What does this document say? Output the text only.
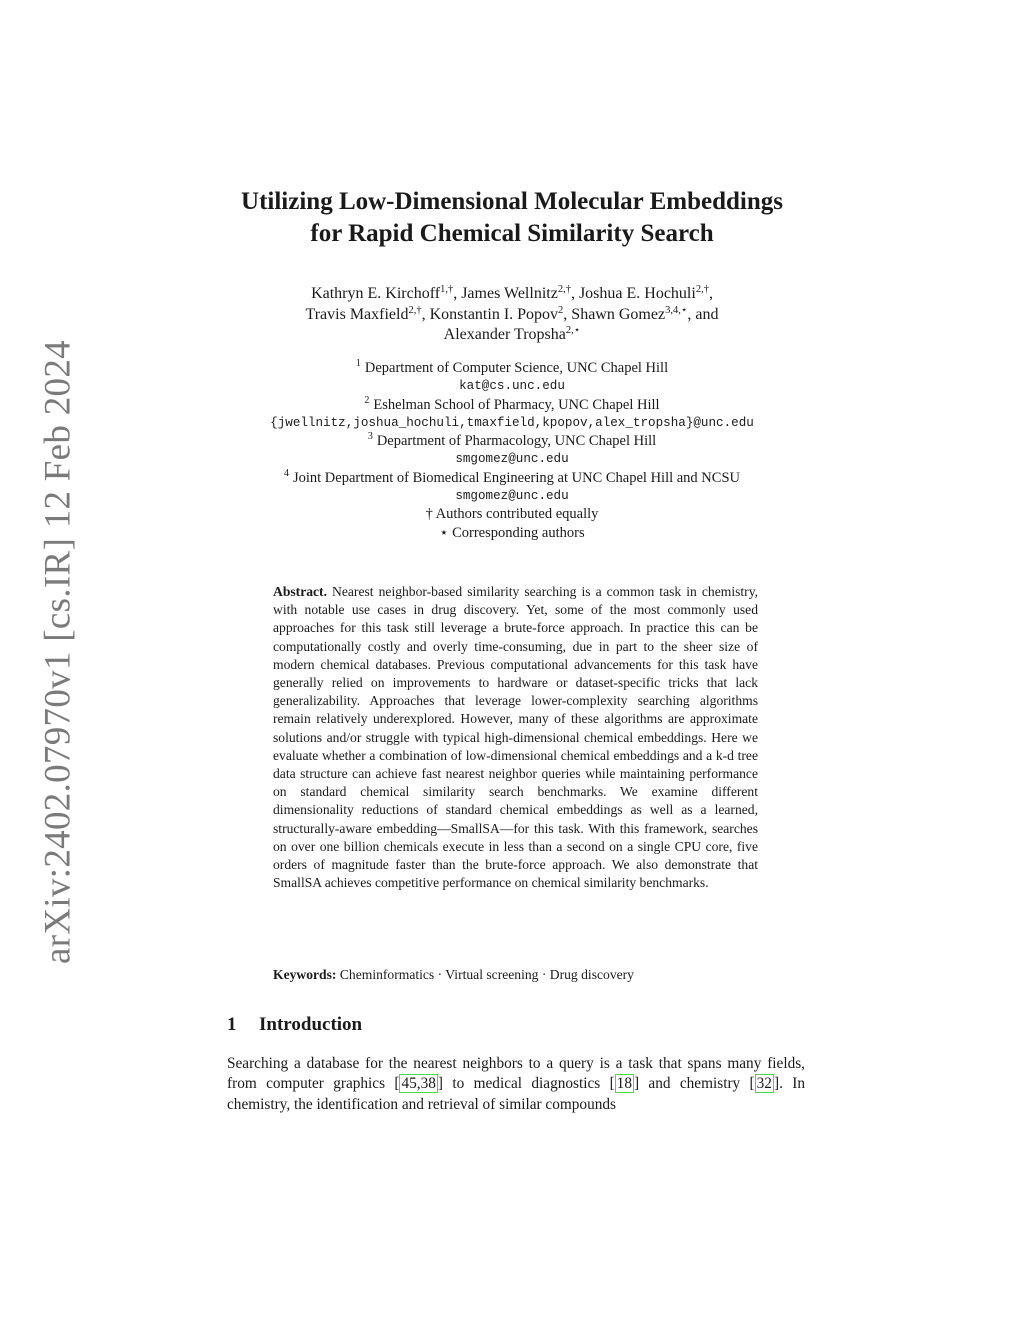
arXiv:2402.07970v1 [cs.IR] 12 Feb 2024
Utilizing Low-Dimensional Molecular Embeddings
for Rapid Chemical Similarity Search
Kathryn E. Kirchoff$^{1,\dagger}$, James Wellnitz$^{2,\dagger}$, Joshua E. Hochuli$^{2,\dagger}$,
Travis Maxfield$^{2,\dagger}$, Konstantin I. Popov$^2$, Shawn Gomez$^{3,4,⋆}$, and
Alexander Tropsha$^{2,⋆}$
$^1$ Department of Computer Science, UNC Chapel Hill
kat@cs.unc.edu
$^2$ Eshelman School of Pharmacy, UNC Chapel Hill
{jwellnitz,joshua_hochuli,tmaxfield,kpopov,alex_tropsha}@unc.edu
$^3$ Department of Pharmacology, UNC Chapel Hill
smgomez@unc.edu
$^4$ Joint Department of Biomedical Engineering at UNC Chapel Hill and NCSU
smgomez@unc.edu
† Authors contributed equally
⋆ Corresponding authors
Abstract. Nearest neighbor-based similarity searching is a common task in chemistry, with notable use cases in drug discovery. Yet, some of the most commonly used approaches for this task still leverage a brute-force approach. In practice this can be computationally costly and overly time-consuming, due in part to the sheer size of modern chemical databases. Previous computational advancements for this task have generally relied on improvements to hardware or dataset-specific tricks that lack generalizability. Approaches that leverage lower-complexity searching algorithms remain relatively underexplored. However, many of these algorithms are approximate solutions and/or struggle with typical high-dimensional chemical embeddings. Here we evaluate whether a combination of low-dimensional chemical embeddings and a k-d tree data structure can achieve fast nearest neighbor queries while maintaining performance on standard chemical similarity search benchmarks. We examine different dimensionality reductions of standard chemical embeddings as well as a learned, structurally-aware embedding—SmallSA—for this task. With this framework, searches on over one billion chemicals execute in less than a second on a single CPU core, five orders of magnitude faster than the brute-force approach. We also demonstrate that SmallSA achieves competitive performance on chemical similarity benchmarks.
Keywords: Cheminformatics · Virtual screening · Drug discovery
1 Introduction
Searching a database for the nearest neighbors to a query is a task that spans many fields, from computer graphics [ 45,38 ] to medical diagnostics [ 18 ] and chemistry [ 32 ]. In chemistry, the identification and retrieval of similar compounds
